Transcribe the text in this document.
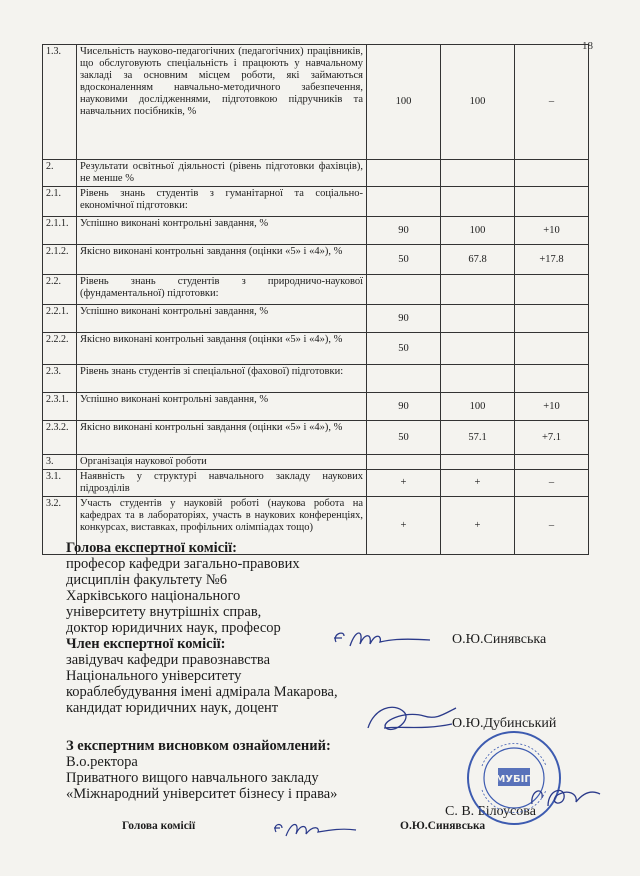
18
1.3.	Чисельність науково-педагогічних (педагогічних) працівників, що обслуговують спеціальність і працюють у навчальному закладі за основним місцем роботи, які займаються вдосконаленням навчально-методичного забезпечення, науковими дослідженнями, підготовкою підручників та навчальних посібників, %	100	100	–
2.	Результати освітньої діяльності (рівень підготовки фахівців), не менше %			
2.1.	Рівень знань студентів з гуманітарної та соціально-економічної підготовки:			
2.1.1.	Успішно виконані контрольні завдання, %	90	100	+10
2.1.2.	Якісно виконані контрольні завдання (оцінки «5» і «4»), %	50	67.8	+17.8
2.2.	Рівень знань студентів з природничо-наукової (фундаментальної) підготовки:			
2.2.1.	Успішно виконані контрольні завдання, %	90		
2.2.2.	Якісно виконані контрольні завдання (оцінки «5» і «4»), %	50		
2.3.	Рівень знань студентів зі спеціальної (фахової) підготовки:			
2.3.1.	Успішно виконані контрольні завдання, %	90	100	+10
2.3.2.	Якісно виконані контрольні завдання (оцінки «5» і «4»), %	50	57.1	+7.1
3.	Організація наукової роботи			
3.1.	Наявність у структурі навчального закладу наукових підрозділів	+	+	–
3.2.	Участь студентів у науковій роботі (наукова робота на кафедрах та в лабораторіях, участь в наукових конференціях, конкурсах, виставках, профільних олімпіадах тощо)	+	+	–
Голова експертної комісії:
професор кафедри загально-правових
дисциплін факультету №6
Харківського національного
університету внутрішніх справ,
доктор юридичних наук, професор
Член експертної комісії:
завідувач кафедри правознавства
Національного університету
кораблебудування імені адмірала Макарова,
кандидат юридичних наук, доцент
З експертним висновком ознайомлений:
В.о.ректора
Приватного вищого навчального закладу
«Міжнародний університет бізнесу і права»
О.Ю.Синявська
О.Ю.Дубинський
С. В. Білоусова
МУБІП
Голова комісії	О.Ю.Синявська
